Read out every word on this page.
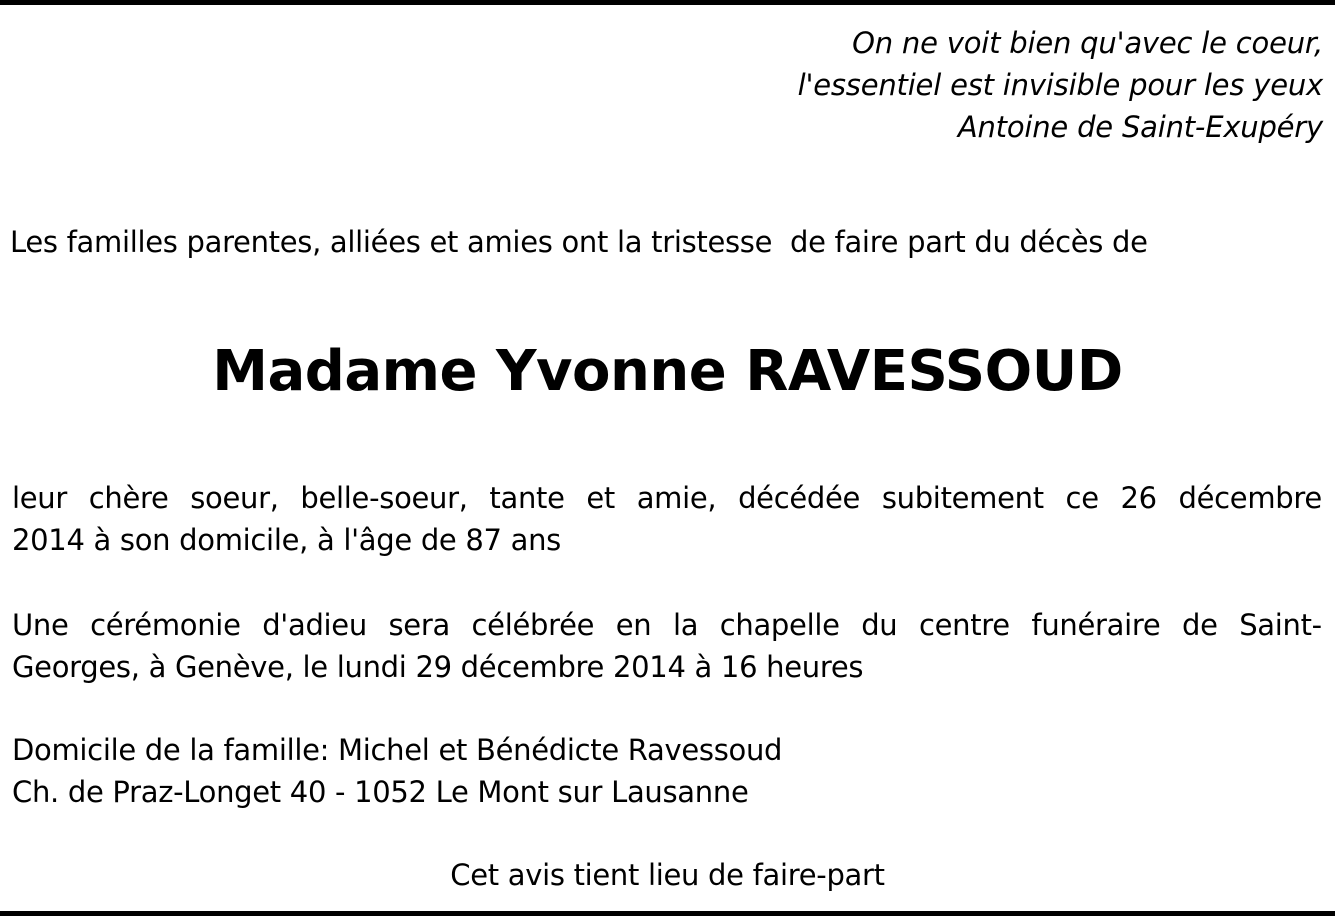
On ne voit bien qu'avec le coeur,
l'essentiel est invisible pour les yeux
Antoine de Saint-Exupéry
Les familles parentes, alliées et amies ont la tristesse  de faire part du décès de
Madame Yvonne RAVESSOUD
leur chère soeur, belle-soeur, tante et amie, décédée subitement ce 26 décembre
2014 à son domicile, à l'âge de 87 ans
Une cérémonie d'adieu sera célébrée en la chapelle du centre funéraire de Saint-
Georges, à Genève, le lundi 29 décembre 2014 à 16 heures
Domicile de la famille: Michel et Bénédicte Ravessoud
Ch. de Praz-Longet 40 - 1052 Le Mont sur Lausanne
Cet avis tient lieu de faire-part
